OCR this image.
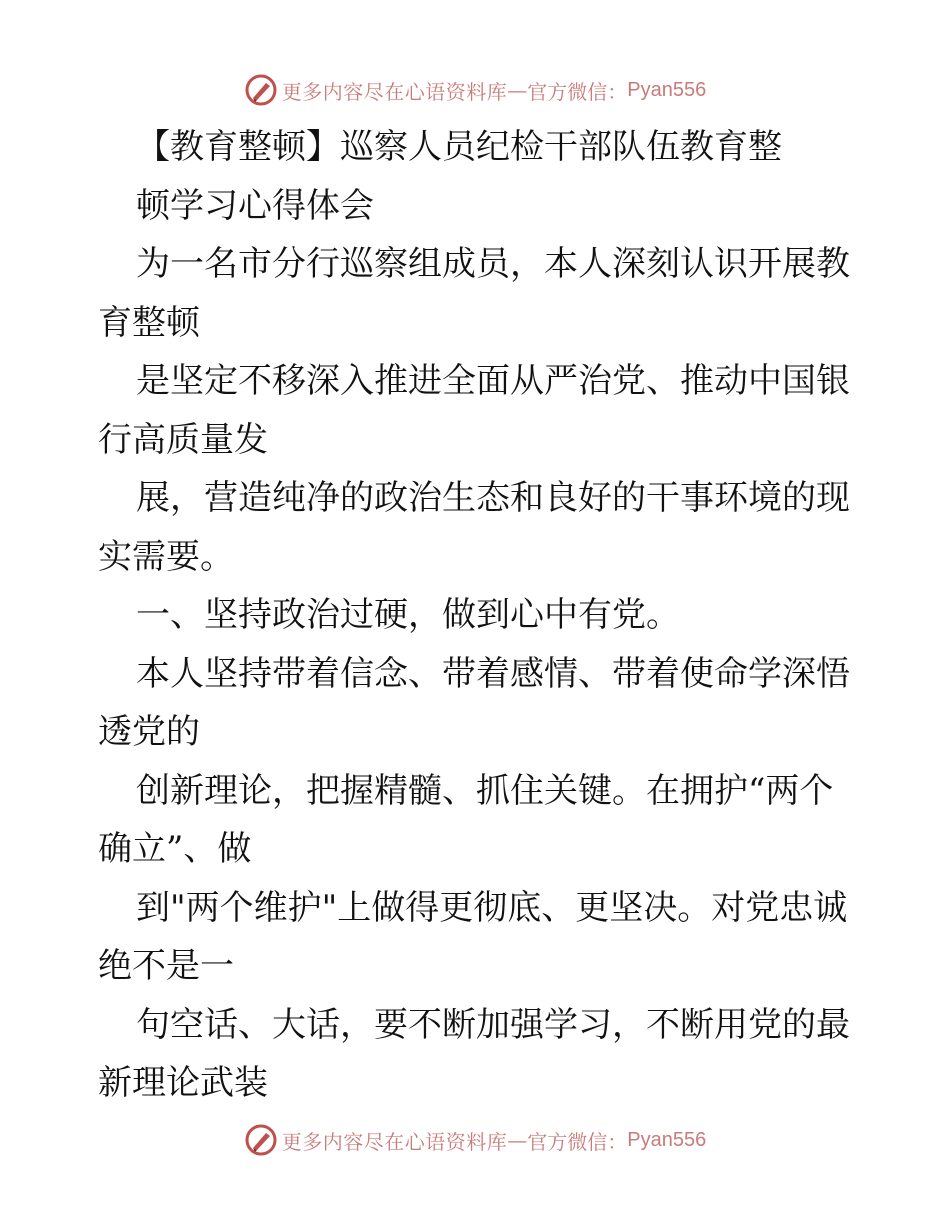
更多内容尽在心语资料库 — 官方微信： Pyan556
【教育整顿】巡察人员纪检干部队伍教育整
顿学习心得体会
为一名市分行巡察组成员，本人深刻认识开展教
育整顿
是坚定不移深入推进全面从严治党、推动中国银
行高质量发
展，营造纯净的政治生态和良好的干事环境的现
实需要。
一、坚持政治过硬，做到心中有党。
本人坚持带着信念、带着感情、带着使命学深悟
透党的
创新理论，把握精髓、抓住关键。在拥护“两个
确立”、做
到"两个维护"上做得更彻底、更坚决。对党忠诚
绝不是一
句空话、大话，要不断加强学习，不断用党的最
新理论武装
更多内容尽在心语资料库 — 官方微信： Pyan556
